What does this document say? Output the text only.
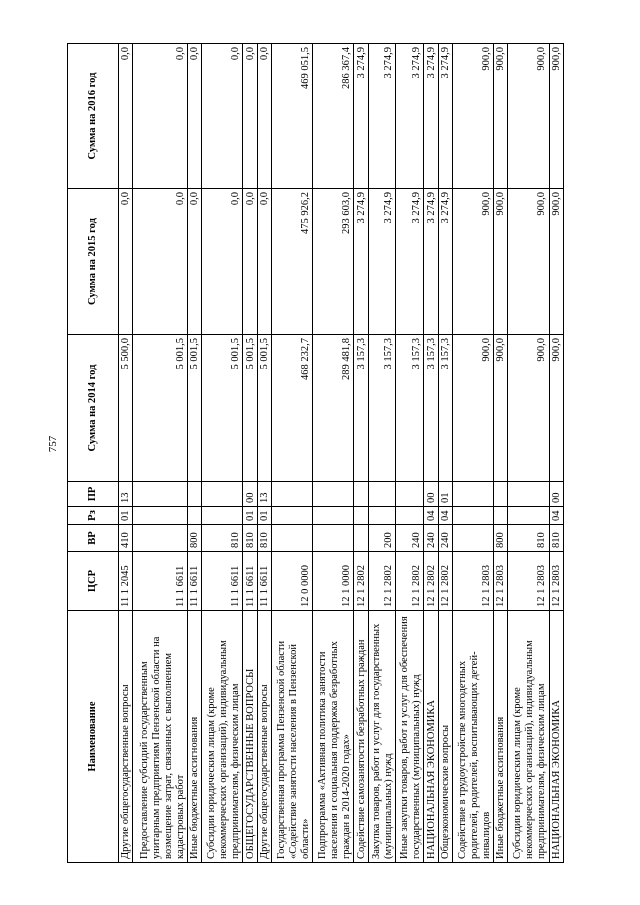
757
Наименование	ЦСР	ВР	Рз	ПР	Сумма на 2014 год	Сумма на 2015 год	Сумма на 2016 год
Другие общегосударственные вопросы	11 1 2045	410	01	13	5 500,0	0,0	0,0
Предоставление субсидий государственным унитарным предприятиям Пензенской области на возмещение затрат, связанных с выполнением кадастровых работ	11 1 6611				5 001,5	0,0	0,0
Иные бюджетные ассигнования	11 1 6611	800			5 001,5	0,0	0,0
Субсидии юридическим лицам (кроме некоммерческих организаций), индивидуальным предпринимателям, физическим лицам	11 1 6611	810			5 001,5	0,0	0,0
ОБЩЕГОСУДАРСТВЕННЫЕ ВОПРОСЫ	11 1 6611	810	01	00	5 001,5	0,0	0,0
Другие общегосударственные вопросы	11 1 6611	810	01	13	5 001,5	0,0	0,0
Государственная программа Пензенской области «Содействие занятости населения в Пензенской области»	12 0 0000				468 232,7	475 926,2	469 051,5
Подпрограмма «Активная политика занятости населения и социальная поддержка безработных граждан в 2014-2020 годах»	12 1 0000				289 481,8	293 603,0	286 367,4
Содействие самозанятости безработных граждан	12 1 2802				3 157,3	3 274,9	3 274,9
Закупка товаров, работ и услуг для государственных (муниципальных) нужд	12 1 2802	200			3 157,3	3 274,9	3 274,9
Иные закупки товаров, работ и услуг для обеспечения государственных (муниципальных) нужд	12 1 2802	240			3 157,3	3 274,9	3 274,9
НАЦИОНАЛЬНАЯ ЭКОНОМИКА	12 1 2802	240	04	00	3 157,3	3 274,9	3 274,9
Общеэкономические вопросы	12 1 2802	240	04	01	3 157,3	3 274,9	3 274,9
Содействие в трудоустройстве многодетных родителей, родителей, воспитывающих детей-инвалидов	12 1 2803				900,0	900,0	900,0
Иные бюджетные ассигнования	12 1 2803	800			900,0	900,0	900,0
Субсидии юридическим лицам (кроме некоммерческих организаций), индивидуальным предпринимателям, физическим лицам	12 1 2803	810			900,0	900,0	900,0
НАЦИОНАЛЬНАЯ ЭКОНОМИКА	12 1 2803	810	04	00	900,0	900,0	900,0
